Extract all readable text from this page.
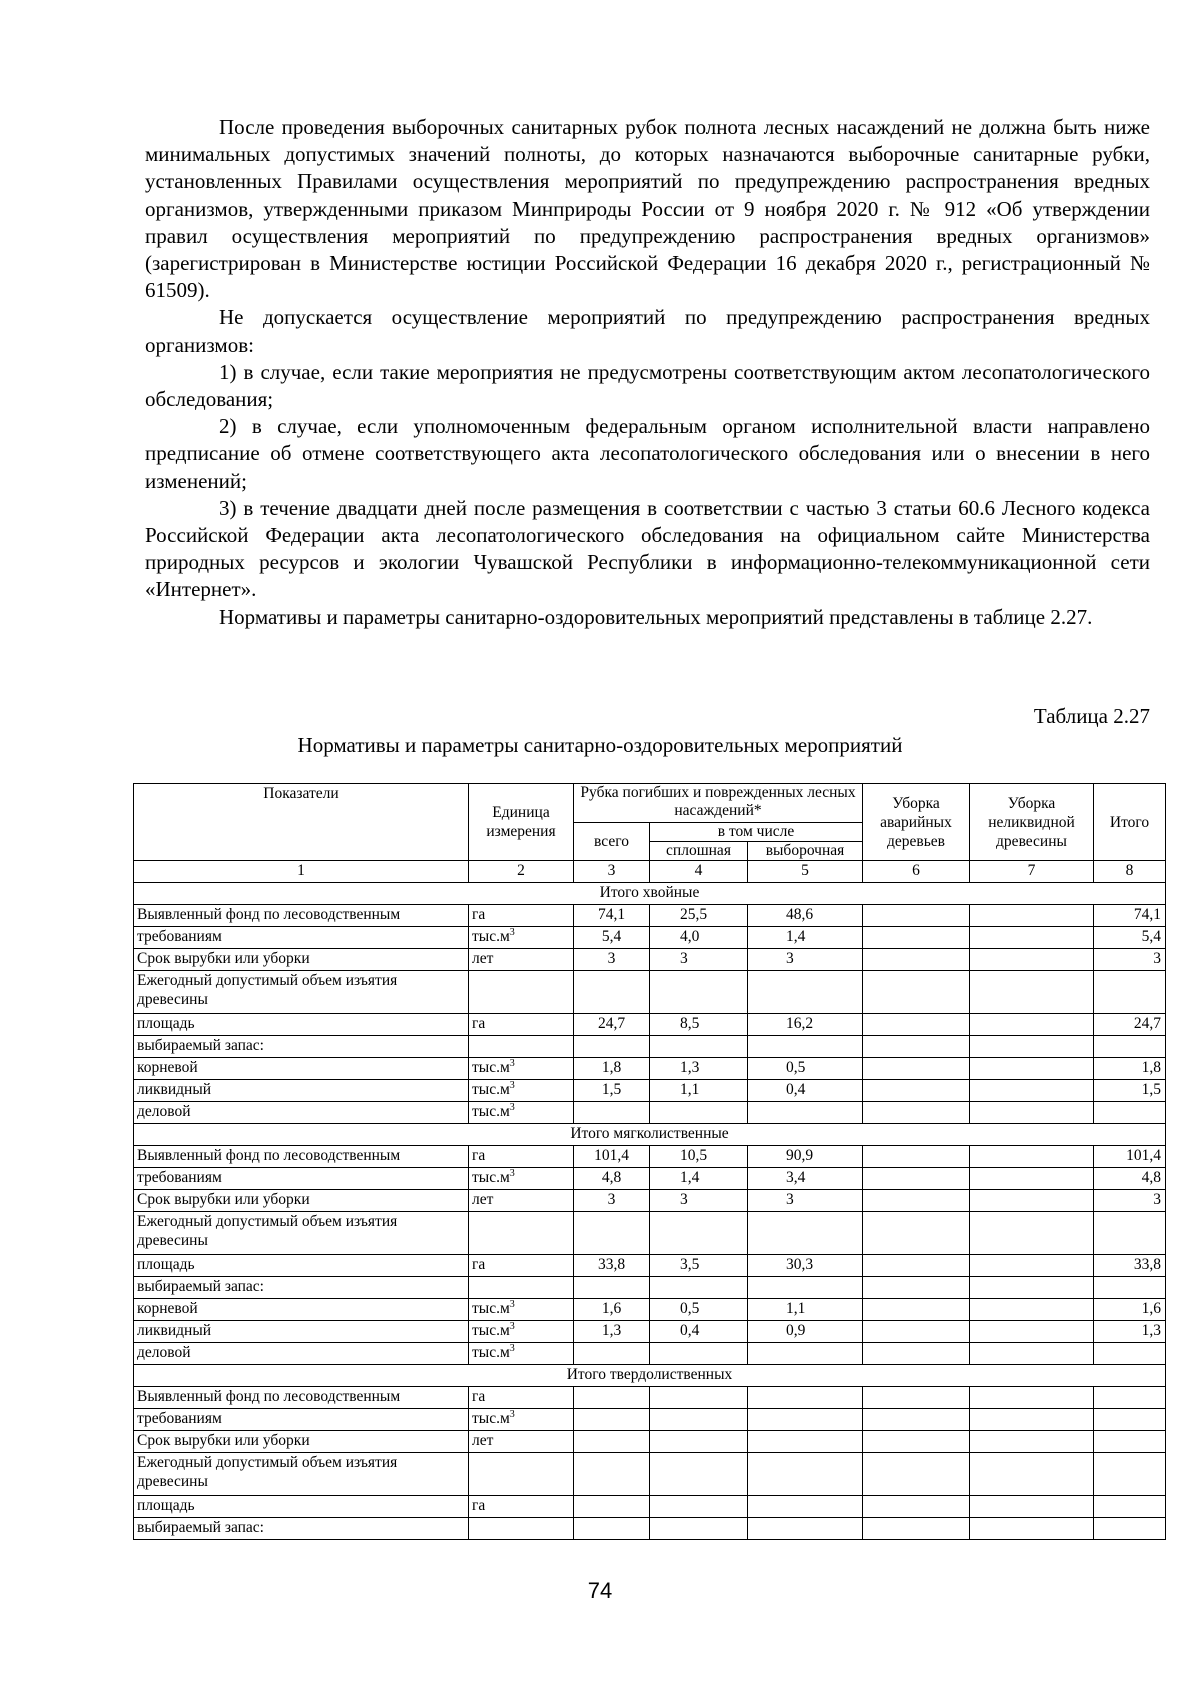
После проведения выборочных санитарных рубок полнота лесных насаждений не должна быть ниже минимальных допустимых значений полноты, до которых назначаются выборочные санитарные рубки, установленных Правилами осуществления мероприятий по предупреждению распространения вредных организмов, утвержденными приказом Минприроды России от 9 ноября 2020 г. № 912 «Об утверждении правил осуществления мероприятий по предупреждению распространения вредных организмов» (зарегистрирован в Министерстве юстиции Российской Федерации 16 декабря 2020 г., регистрационный № 61509).

Не допускается осуществление мероприятий по предупреждению распространения вредных организмов:

1) в случае, если такие мероприятия не предусмотрены соответствующим актом лесопатологического обследования;

2) в случае, если уполномоченным федеральным органом исполнительной власти направлено предписание об отмене соответствующего акта лесопатологического обследования или о внесении в него изменений;

3) в течение двадцати дней после размещения в соответствии с частью 3 статьи 60.6 Лесного кодекса Российской Федерации акта лесопатологического обследования на официальном сайте Министерства природных ресурсов и экологии Чувашской Республики в информационно-телекоммуникационной сети «Интернет».

Нормативы и параметры санитарно-оздоровительных мероприятий представлены в таблице 2.27.

Таблица 2.27
Нормативы и параметры санитарно-оздоровительных мероприятий
Показатели	Единица измерения	Рубка погибших и поврежденных лесных насаждений*			Уборка аварийных деревьев	Уборка неликвидной древесины	Итого
		всего	в том числе				
			сплошная	выборочная			
1	2	3	4	5	6	7	8
Итого хвойные							
Выявленный фонд по лесоводственным	га	74,1	25,5	48,6			74,1
требованиям	$тыс.м^3$	5,4	4,0	1,4			5,4
Срок вырубки или уборки	лет	3	3	3			3
Ежегодный допустимый объем изъятия древесины							
площадь	га	24,7	8,5	16,2			24,7
выбираемый запас:							
корневой	$тыс.м^3$	1,8	1,3	0,5			1,8
ликвидный	$тыс.м^3$	1,5	1,1	0,4			1,5
деловой	$тыс.м^3$						
Итого мягколиственные							
Выявленный фонд по лесоводственным	га	101,4	10,5	90,9			101,4
требованиям	$тыс.м^3$	4,8	1,4	3,4			4,8
Срок вырубки или уборки	лет	3	3	3			3
Ежегодный допустимый объем изъятия древесины							
площадь	га	33,8	3,5	30,3			33,8
выбираемый запас:							
корневой	$тыс.м^3$	1,6	0,5	1,1			1,6
ликвидный	$тыс.м^3$	1,3	0,4	0,9			1,3
деловой	$тыс.м^3$						
Итого твердолиственных							
Выявленный фонд по лесоводственным	га						
требованиям	$тыс.м^3$						
Срок вырубки или уборки	лет						
Ежегодный допустимый объем изъятия древесины							
площадь	га						
выбираемый запас:							
74
